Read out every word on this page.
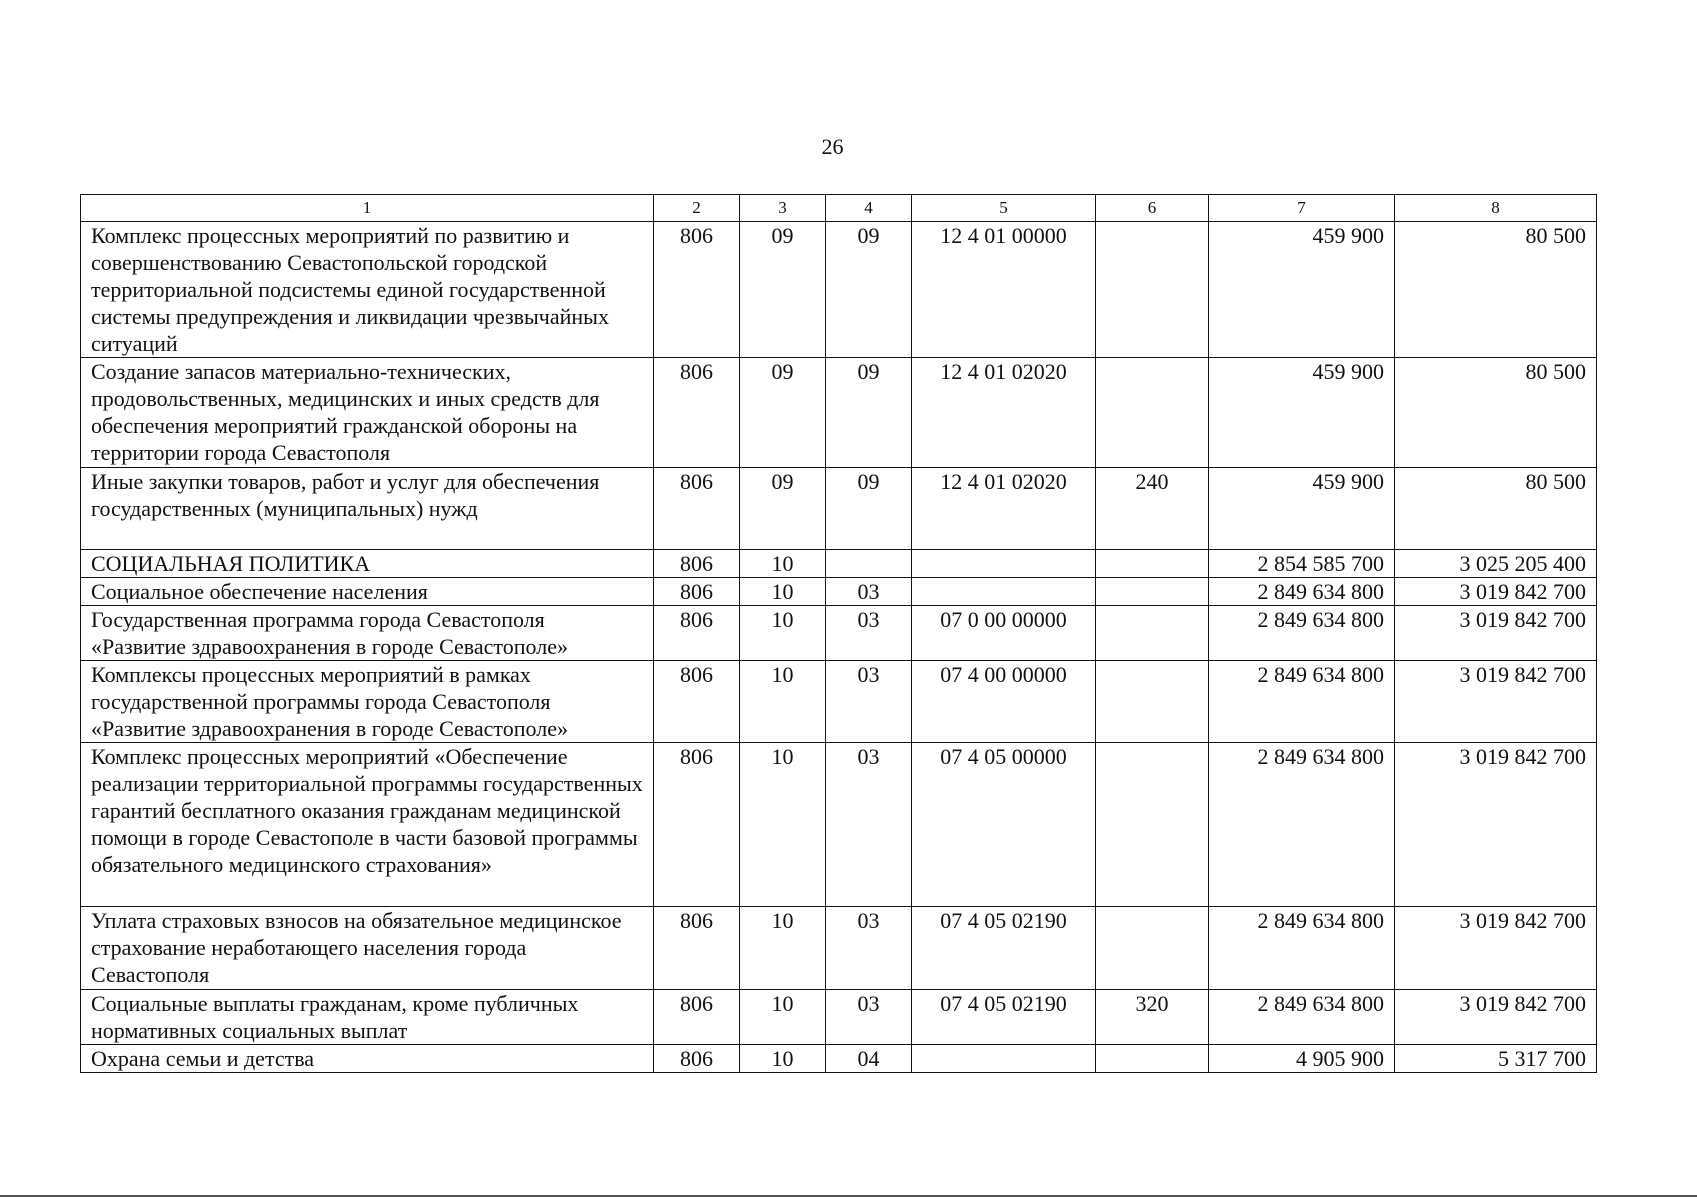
26
1	2	3	4	5	6	7	8
Комплекс процессных мероприятий по развитию и совершенствованию Севастопольской городской территориальной подсистемы единой государственной системы предупреждения и ликвидации чрезвычайных ситуаций	806	09	09	12 4 01 00000		459 900	80 500
Создание запасов материально-технических, продовольственных, медицинских и иных средств для обеспечения мероприятий гражданской обороны на территории города Севастополя	806	09	09	12 4 01 02020		459 900	80 500
Иные закупки товаров, работ и услуг для обеспечения государственных (муниципальных) нужд	806	09	09	12 4 01 02020	240	459 900	80 500
СОЦИАЛЬНАЯ ПОЛИТИКА	806	10				2 854 585 700	3 025 205 400
Социальное обеспечение населения	806	10	03			2 849 634 800	3 019 842 700
Государственная программа города Севастополя «Развитие здравоохранения в городе Севастополе»	806	10	03	07 0 00 00000		2 849 634 800	3 019 842 700
Комплексы процессных мероприятий в рамках государственной программы города Севастополя «Развитие здравоохранения в городе Севастополе»	806	10	03	07 4 00 00000		2 849 634 800	3 019 842 700
Комплекс процессных мероприятий «Обеспечение реализации территориальной программы государственных гарантий бесплатного оказания гражданам медицинской помощи в городе Севастополе в части базовой программы обязательного медицинского страхования»	806	10	03	07 4 05 00000		2 849 634 800	3 019 842 700
Уплата страховых взносов на обязательное медицинское страхование неработающего населения города Севастополя	806	10	03	07 4 05 02190		2 849 634 800	3 019 842 700
Социальные выплаты гражданам, кроме публичных нормативных социальных выплат	806	10	03	07 4 05 02190	320	2 849 634 800	3 019 842 700
Охрана семьи и детства	806	10	04			4 905 900	5 317 700
